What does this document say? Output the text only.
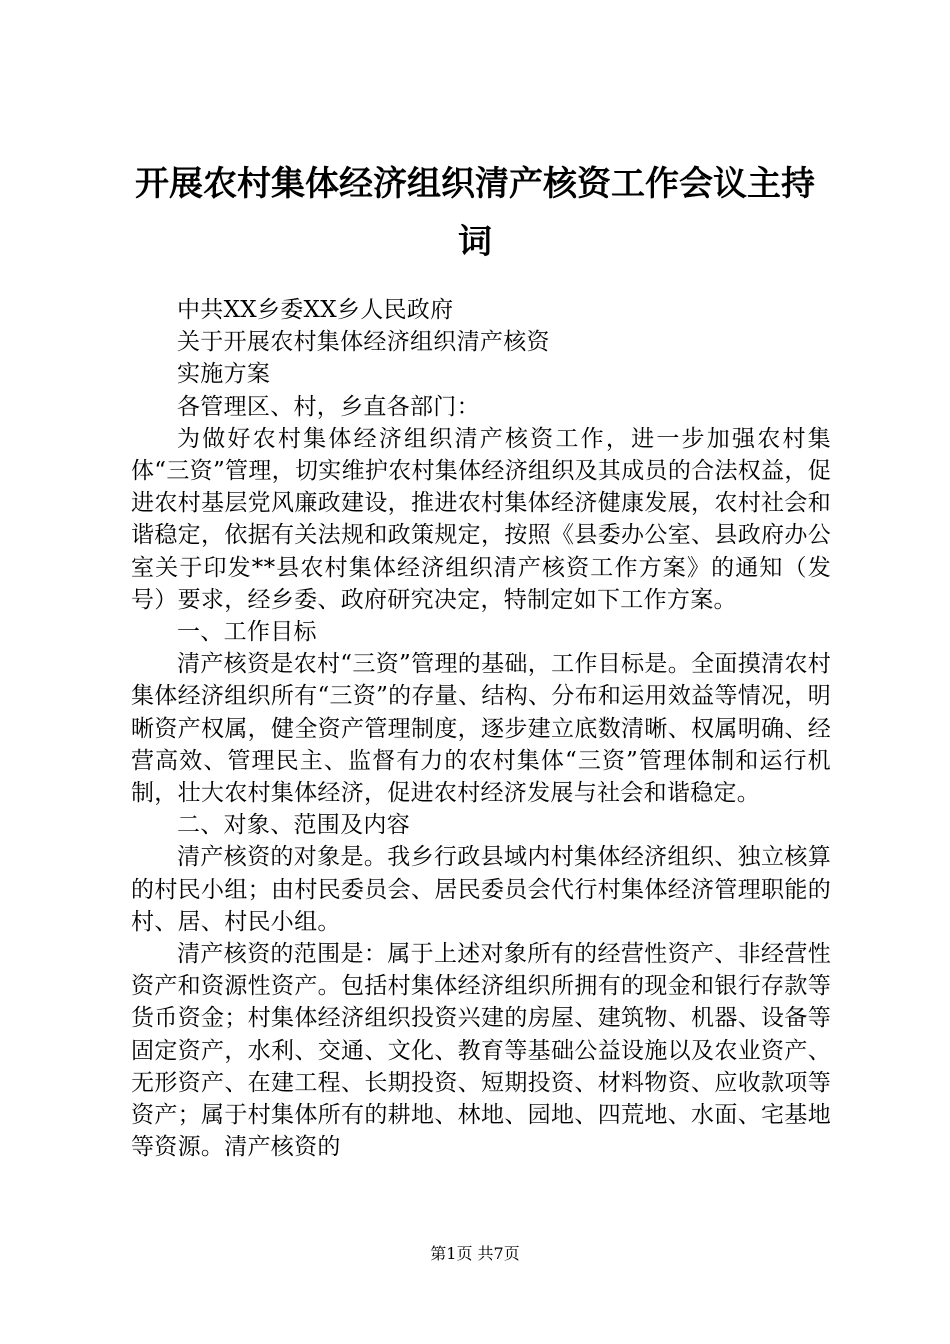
开展农村集体经济组织清产核资工作会议主持
词

中共XX乡委XX乡人民政府

关于开展农村集体经济组织清产核资

实施方案

各管理区、村，乡直各部门：

为做好农村集体经济组织清产核资工作，进一步加强农村集体“三资”管理，切实维护农村集体经济组织及其成员的合法权益，促进农村基层党风廉政建设，推进农村集体经济健康发展，农村社会和谐稳定，依据有关法规和政策规定，按照《县委办公室、县政府办公室关于印发**县农村集体经济组织清产核资工作方案》的通知（发号）要求，经乡委、政府研究决定，特制定如下工作方案。

一、工作目标

清产核资是农村“三资”管理的基础，工作目标是。全面摸清农村集体经济组织所有“三资”的存量、结构、分布和运用效益等情况，明晰资产权属，健全资产管理制度，逐步建立底数清晰、权属明确、经营高效、管理民主、监督有力的农村集体“三资”管理体制和运行机制，壮大农村集体经济，促进农村经济发展与社会和谐稳定。

二、对象、范围及内容

清产核资的对象是。我乡行政县域内村集体经济组织、独立核算的村民小组；由村民委员会、居民委员会代行村集体经济管理职能的村、居、村民小组。

清产核资的范围是：属于上述对象所有的经营性资产、非经营性资产和资源性资产。包括村集体经济组织所拥有的现金和银行存款等货币资金；村集体经济组织投资兴建的房屋、建筑物、机器、设备等固定资产，水利、交通、文化、教育等基础公益设施以及农业资产、无形资产、在建工程、长期投资、短期投资、材料物资、应收款项等资产；属于村集体所有的耕地、林地、园地、四荒地、水面、宅基地等资源。清产核资的

第1页 共7页
